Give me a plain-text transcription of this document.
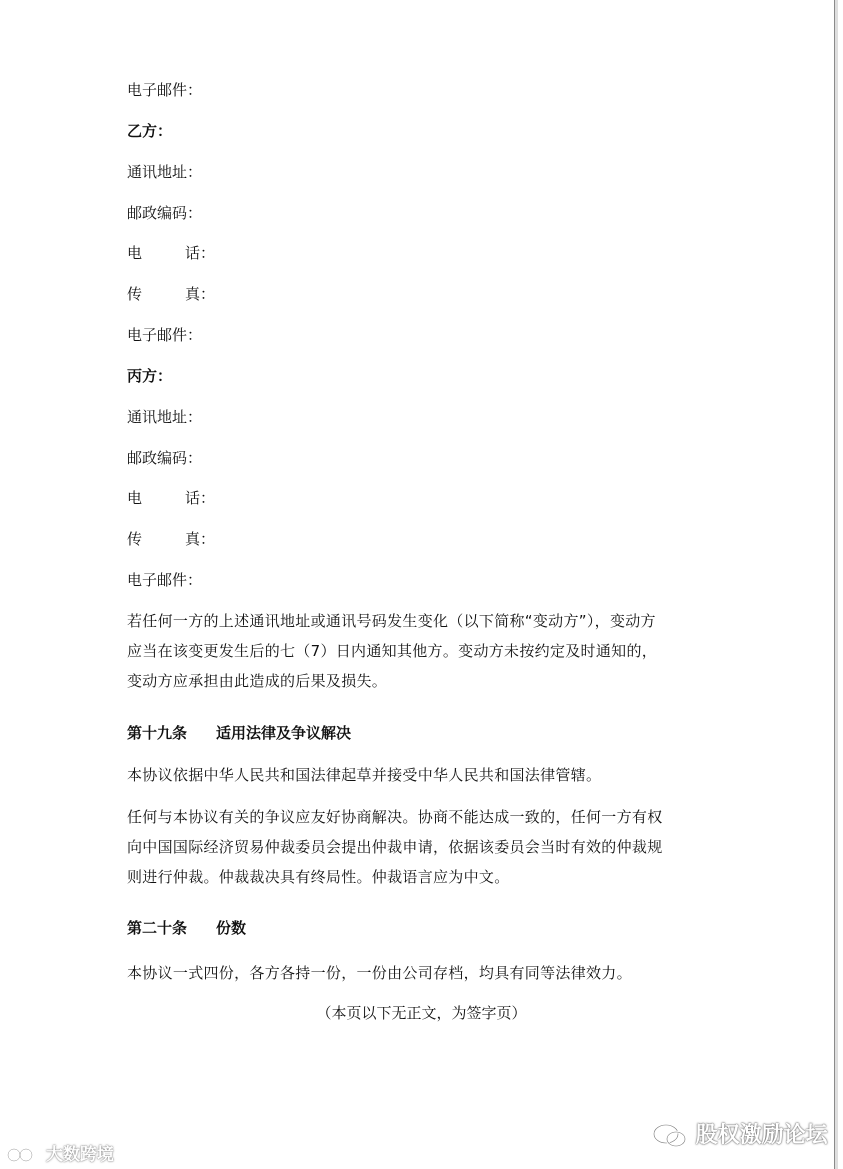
电子邮件：
乙方：
通讯地址：
邮政编码：
电	话：
传	真：
电子邮件：
丙方：
通讯地址：
邮政编码：
电	话：
传	真：
电子邮件：
若任何一方的上述通讯地址或通讯号码发生变化（以下简称“变动方”），变动方
应当在该变更发生后的七（7）日内通知其他方。变动方未按约定及时通知的，
变动方应承担由此造成的后果及损失。
第十九条 适用法律及争议解决
本协议依据中华人民共和国法律起草并接受中华人民共和国法律管辖。
任何与本协议有关的争议应友好协商解决。协商不能达成一致的，任何一方有权
向中国国际经济贸易仲裁委员会提出仲裁申请，依据该委员会当时有效的仲裁规
则进行仲裁。仲裁裁决具有终局性。仲裁语言应为中文。
第二十条 份数
本协议一式四份，各方各持一份，一份由公司存档，均具有同等法律效力。
（本页以下无正文，为签字页）
大数跨境
股权激励论坛
